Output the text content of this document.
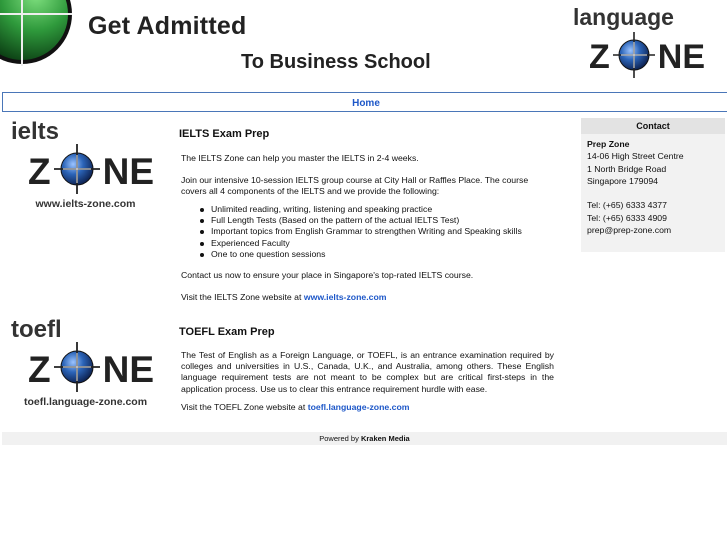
Get Admitted
To Business School
language
Z NE
Home
ielts
Z NE
www.ielts-zone.com
IELTS Exam Prep
The IELTS Zone can help you master the IELTS in 2-4 weeks.
Join our intensive 10-session IELTS group course at City Hall or Raffles Place. The course covers all 4 components of the IELTS and we provide the following:
Unlimited reading, writing, listening and speaking practice
Full Length Tests (Based on the pattern of the actual IELTS Test)
Important topics from English Grammar to strengthen Writing and Speaking skills
Experienced Faculty
One to one question sessions
Contact us now to ensure your place in Singapore's top-rated IELTS course.
Visit the IELTS Zone website at www.ielts-zone.com
toefl
Z NE
toefl.language-zone.com
TOEFL Exam Prep
The Test of English as a Foreign Language, or TOEFL, is an entrance examination required by colleges and universities in U.S., Canada, U.K., and Australia, among others. These English language requirement tests are not meant to be complex but are critical first-steps in the application process. Use us to clear this entrance requirement hurdle with ease.
Visit the TOEFL Zone website at toefl.language-zone.com
Contact
Prep Zone
14-06 High Street Centre
1 North Bridge Road
Singapore 179094
Tel: (+65) 6333 4377
Tel: (+65) 6333 4909
prep@prep-zone.com
Powered by Kraken Media
